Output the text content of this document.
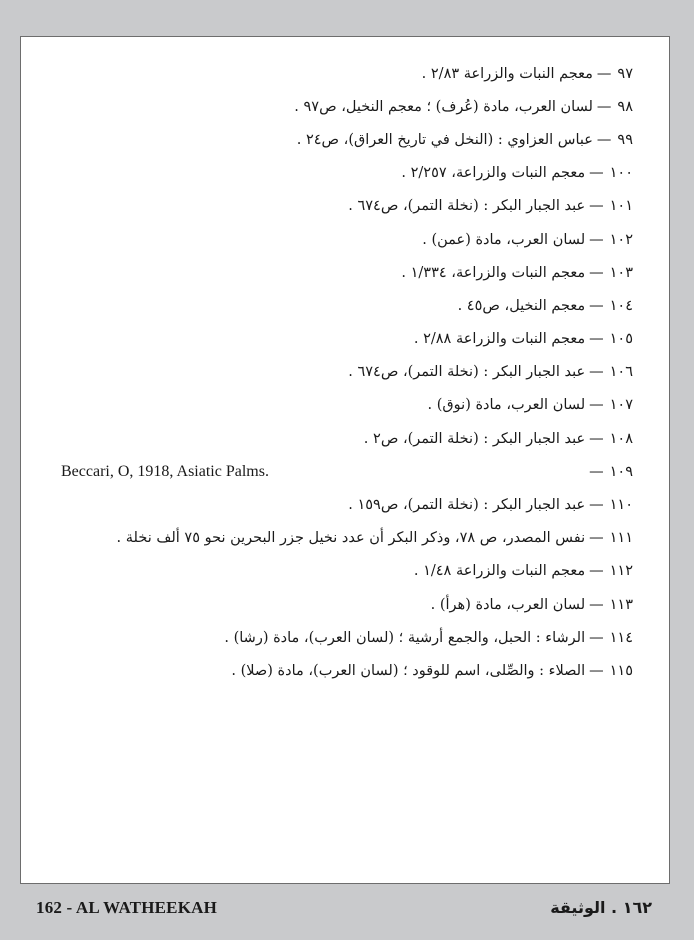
٩٧
—
معجم النبات والزراعة ٢/٨٣ .
٩٨
—
لسان العرب، مادة (عُرف) ؛ معجم النخيل، ص٩٧ .
٩٩
—
عباس العزاوي : (النخل في تاريخ العراق)، ص٢٤ .
١٠٠
—
معجم النبات والزراعة، ٢/٢٥٧ .
١٠١
—
عبد الجبار البكر : (نخلة التمر)، ص٦٧٤ .
١٠٢
—
لسان العرب، مادة (عمن) .
١٠٣
—
معجم النبات والزراعة، ١/٣٣٤ .
١٠٤
—
معجم النخيل، ص٤٥ .
١٠٥
—
معجم النبات والزراعة ٢/٨٨ .
١٠٦
—
عبد الجبار البكر : (نخلة التمر)، ص٦٧٤ .
١٠٧
—
لسان العرب، مادة (نوق) .
١٠٨
—
عبد الجبار البكر : (نخلة التمر)، ص٢ .
Beccari, O, 1918, Asiatic Palms.	١٠٩
—
١١٠
—
عبد الجبار البكر : (نخلة التمر)، ص١٥٩ .
١١١
—
نفس المصدر، ص ٧٨، وذكر البكر أن عدد نخيل جزر البحرين نحو ٧٥ ألف نخلة .
١١٢
—
معجم النبات والزراعة ١/٤٨ .
١١٣
—
لسان العرب، مادة (هرأ) .
١١٤
—
الرشاء : الحبل، والجمع أرشية ؛ (لسان العرب)، مادة (رشا) .
١١٥
—
الصلاء : والصِّلى، اسم للوقود ؛ (لسان العرب)، مادة (صلا) .
162 - AL WATHEEKAH	١٦٢ . الوثيقة
